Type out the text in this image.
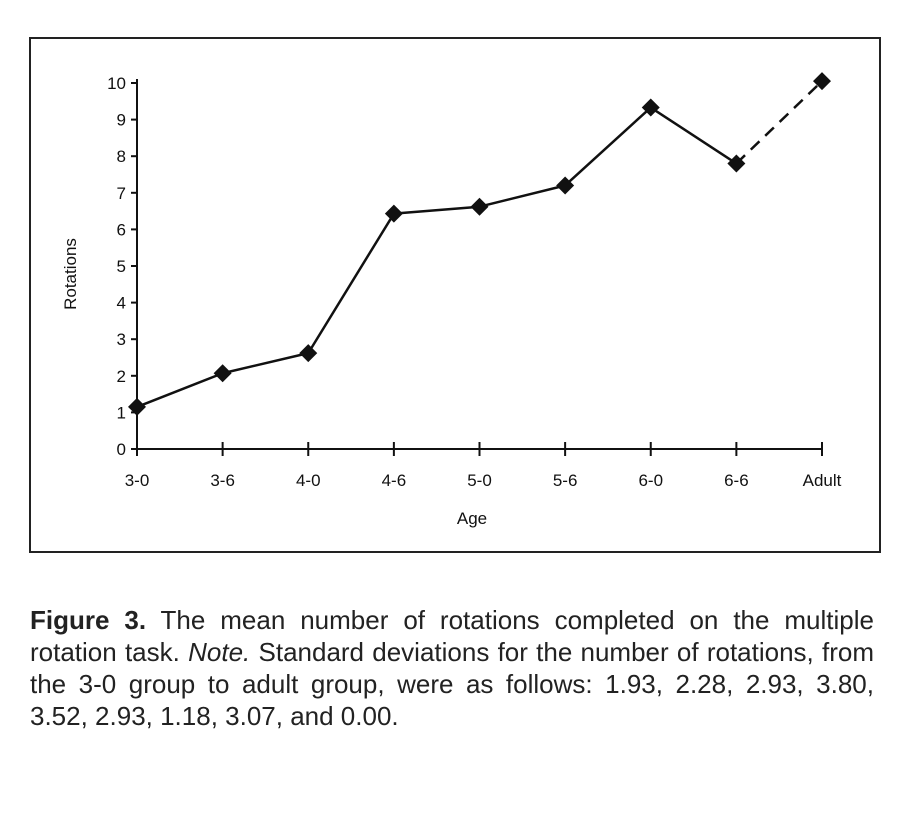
0
1
2
3
4
5
6
7
8
9
10
3-0	3-6	4-0	4-6	5-0	5-6	6-0	6-6	Adult
Rotations
Age
Figure 3. The mean number of rotations completed on the multiple rotation task. Note. Standard deviations for the number of rotations, from the 3-0 group to adult group, were as follows: 1.93, 2.28, 2.93, 3.80, 3.52, 2.93, 1.18, 3.07, and 0.00.
